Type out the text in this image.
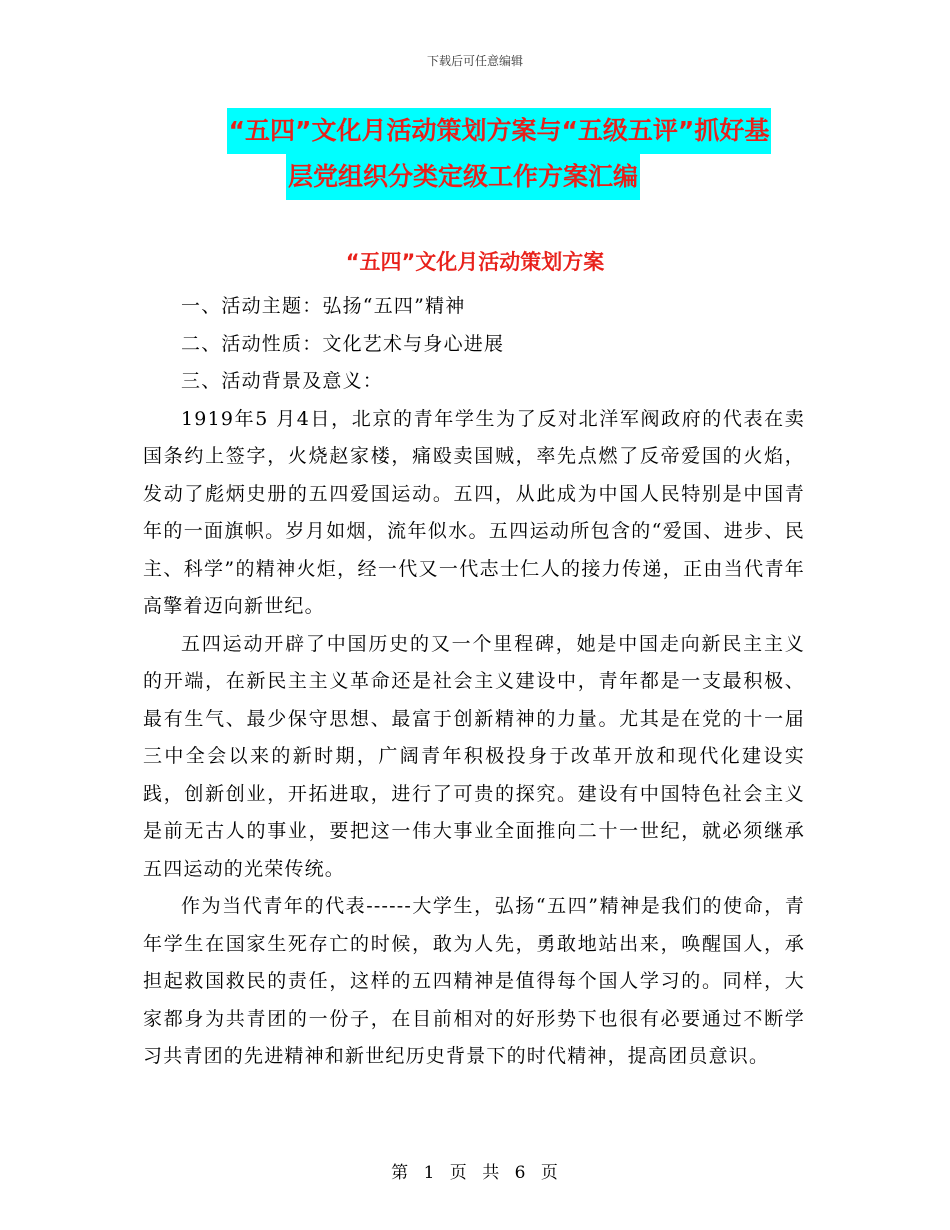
下载后可任意编辑
“五四”文化月活动策划方案与“五级五评”抓好基
层党组织分类定级工作方案汇编
“五四”文化月活动策划方案

一、活动主题：弘扬“五四”精神

二、活动性质：文化艺术与身心进展

三、活动背景及意义：

1919年5 月4日，北京的青年学生为了反对北洋军阀政府的代表在卖国条约上签字，火烧赵家楼，痛殴卖国贼，率先点燃了反帝爱国的火焰，发动了彪炳史册的五四爱国运动。五四，从此成为中国人民特别是中国青年的一面旗帜。岁月如烟，流年似水。五四运动所包含的“爱国、进步、民主、科学”的精神火炬，经一代又一代志士仁人的接力传递，正由当代青年高擎着迈向新世纪。

五四运动开辟了中国历史的又一个里程碑，她是中国走向新民主主义的开端，在新民主主义革命还是社会主义建设中，青年都是一支最积极、最有生气、最少保守思想、最富于创新精神的力量。尤其是在党的十一届三中全会以来的新时期，广阔青年积极投身于改革开放和现代化建设实践，创新创业，开拓进取，进行了可贵的探究。建设有中国特色社会主义是前无古人的事业，要把这一伟大事业全面推向二十一世纪，就必须继承五四运动的光荣传统。

作为当代青年的代表------大学生，弘扬“五四”精神是我们的使命，青年学生在国家生死存亡的时候，敢为人先，勇敢地站出来，唤醒国人，承担起救国救民的责任，这样的五四精神是值得每个国人学习的。同样，大家都身为共青团的一份子，在目前相对的好形势下也很有必要通过不断学习共青团的先进精神和新世纪历史背景下的时代精神，提高团员意识。

第 1 页 共 6 页
